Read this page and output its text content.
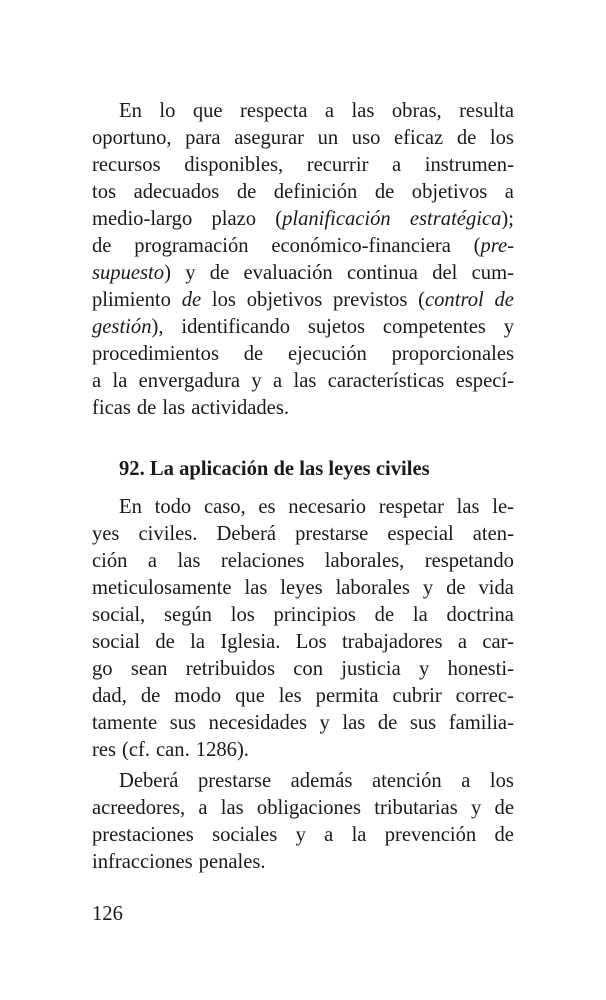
En lo que respecta a las obras, resulta
oportuno, para asegurar un uso eficaz de los
recursos disponibles, recurrir a instrumen-
tos adecuados de definición de objetivos a
medio-largo plazo (planificación estratégica);
de programación económico-financiera (pre-
supuesto) y de evaluación continua del cum-
plimiento de los objetivos previstos (control de
gestión), identificando sujetos competentes y
procedimientos de ejecución proporcionales
a la envergadura y a las características especí-
ficas de las actividades.
92. La aplicación de las leyes civiles
En todo caso, es necesario respetar las le-
yes civiles. Deberá prestarse especial aten-
ción a las relaciones laborales, respetando
meticulosamente las leyes laborales y de vida
social, según los principios de la doctrina
social de la Iglesia. Los trabajadores a car-
go sean retribuidos con justicia y honesti-
dad, de modo que les permita cubrir correc-
tamente sus necesidades y las de sus familia-
res (cf. can. 1286).
Deberá prestarse además atención a los
acreedores, a las obligaciones tributarias y de
prestaciones sociales y a la prevención de
infracciones penales.
126
